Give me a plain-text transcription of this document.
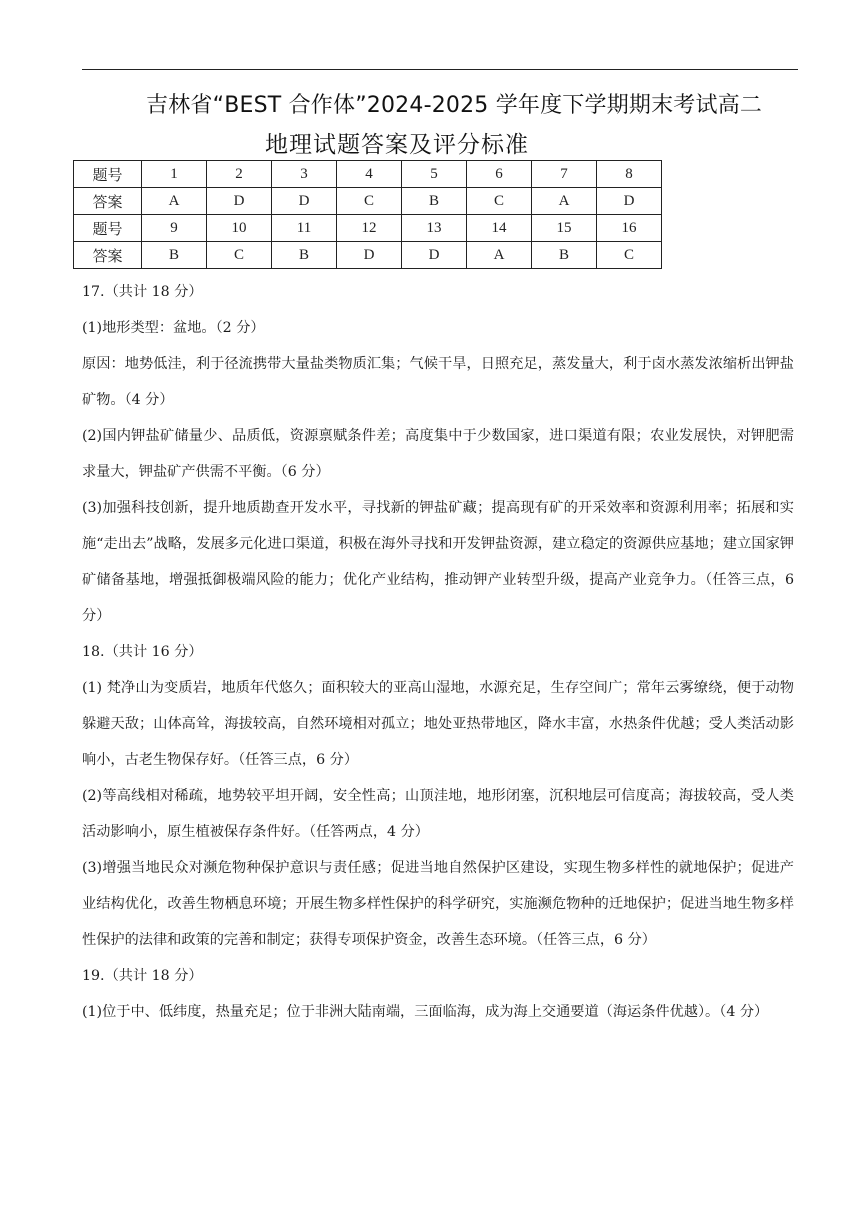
吉林省“BEST 合作体”2024-2025 学年度下学期期末考试高二
地理试题答案及评分标准
题号	1	2	3	4	5	6	7	8
答案	A	D	D	C	B	C	A	D
题号	9	10	11	12	13	14	15	16
答案	B	C	B	D	D	A	B	C

17.（共计 18 分）

(1)地形类型：盆地。（2 分）

原因：地势低洼，利于径流携带大量盐类物质汇集；气候干旱，日照充足，蒸发量大，利于卤水蒸发浓缩析出钾盐矿物。（4 分）

(2)国内钾盐矿储量少、品质低，资源禀赋条件差；高度集中于少数国家，进口渠道有限；农业发展快，对钾肥需求量大，钾盐矿产供需不平衡。（6 分）

(3)加强科技创新，提升地质勘查开发水平，寻找新的钾盐矿藏；提高现有矿的开采效率和资源利用率；拓展和实施“走出去”战略，发展多元化进口渠道，积极在海外寻找和开发钾盐资源，建立稳定的资源供应基地；建立国家钾矿储备基地，增强抵御极端风险的能力；优化产业结构，推动钾产业转型升级，提高产业竞争力。（任答三点，6 分）

18.（共计 16 分）

(1) 梵净山为变质岩，地质年代悠久；面积较大的亚高山湿地，水源充足，生存空间广；常年云雾缭绕，便于动物躲避天敌；山体高耸，海拔较高，自然环境相对孤立；地处亚热带地区，降水丰富，水热条件优越；受人类活动影响小，古老生物保存好。（任答三点，6 分）

(2)等高线相对稀疏，地势较平坦开阔，安全性高；山顶洼地，地形闭塞，沉积地层可信度高；海拔较高，受人类活动影响小，原生植被保存条件好。（任答两点，4 分）

(3)增强当地民众对濒危物种保护意识与责任感；促进当地自然保护区建设，实现生物多样性的就地保护；促进产业结构优化，改善生物栖息环境；开展生物多样性保护的科学研究，实施濒危物种的迁地保护；促进当地生物多样性保护的法律和政策的完善和制定；获得专项保护资金，改善生态环境。（任答三点，6 分）

19.（共计 18 分）

(1)位于中、低纬度，热量充足；位于非洲大陆南端，三面临海，成为海上交通要道（海运条件优越）。（4 分）
